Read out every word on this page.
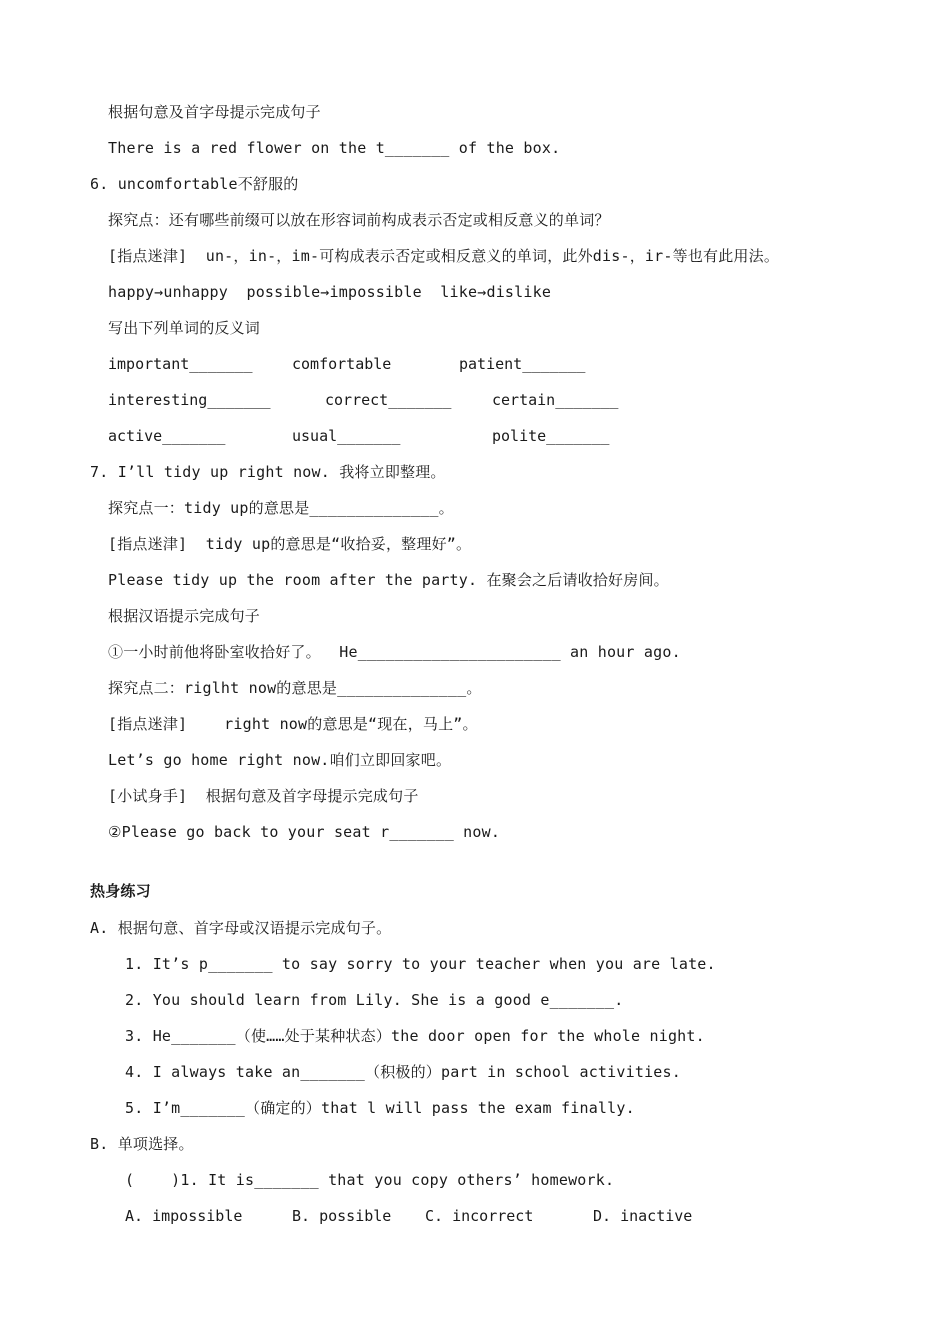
根据句意及首字母提示完成句子
There is a red flower on the t_______ of the box.
6. uncomfortable不舒服的
探究点：还有哪些前缀可以放在形容词前构成表示否定或相反意义的单词？
[指点迷津]  un-，in-，im-可构成表示否定或相反意义的单词，此外dis-，ir-等也有此用法。
happy→unhappy  possible→impossible  like→dislike
写出下列单词的反义词
important_______	comfortable	patient_______
interesting_______	correct_______	certain_______
active_______	usual_______	polite_______
7. I’ll tidy up right now. 我将立即整理。
探究点一：tidy up的意思是______________。
[指点迷津]  tidy up的意思是“收拾妥，整理好”。
Please tidy up the room after the party. 在聚会之后请收拾好房间。
根据汉语提示完成句子
①一小时前他将卧室收拾好了。  He______________________ an hour ago.
探究点二：riglht now的意思是______________。
[指点迷津]    right now的意思是“现在，马上”。
Let’s go home right now.咱们立即回家吧。
[小试身手]  根据句意及首字母提示完成句子
②Please go back to your seat r_______ now.
热身练习
A. 根据句意、首字母或汉语提示完成句子。
1. It’s p_______ to say sorry to your teacher when you are late.
2. You should learn from Lily. She is a good e_______.
3. He_______（使……处于某种状态）the door open for the whole night.
4. I always take an_______（积极的）part in school activities.
5. I’m_______（确定的）that l will pass the exam finally.
B. 单项选择。
(    )1. It is_______ that you copy others’ homework.
A. impossible	B. possible C. incorrect	D. inactive
